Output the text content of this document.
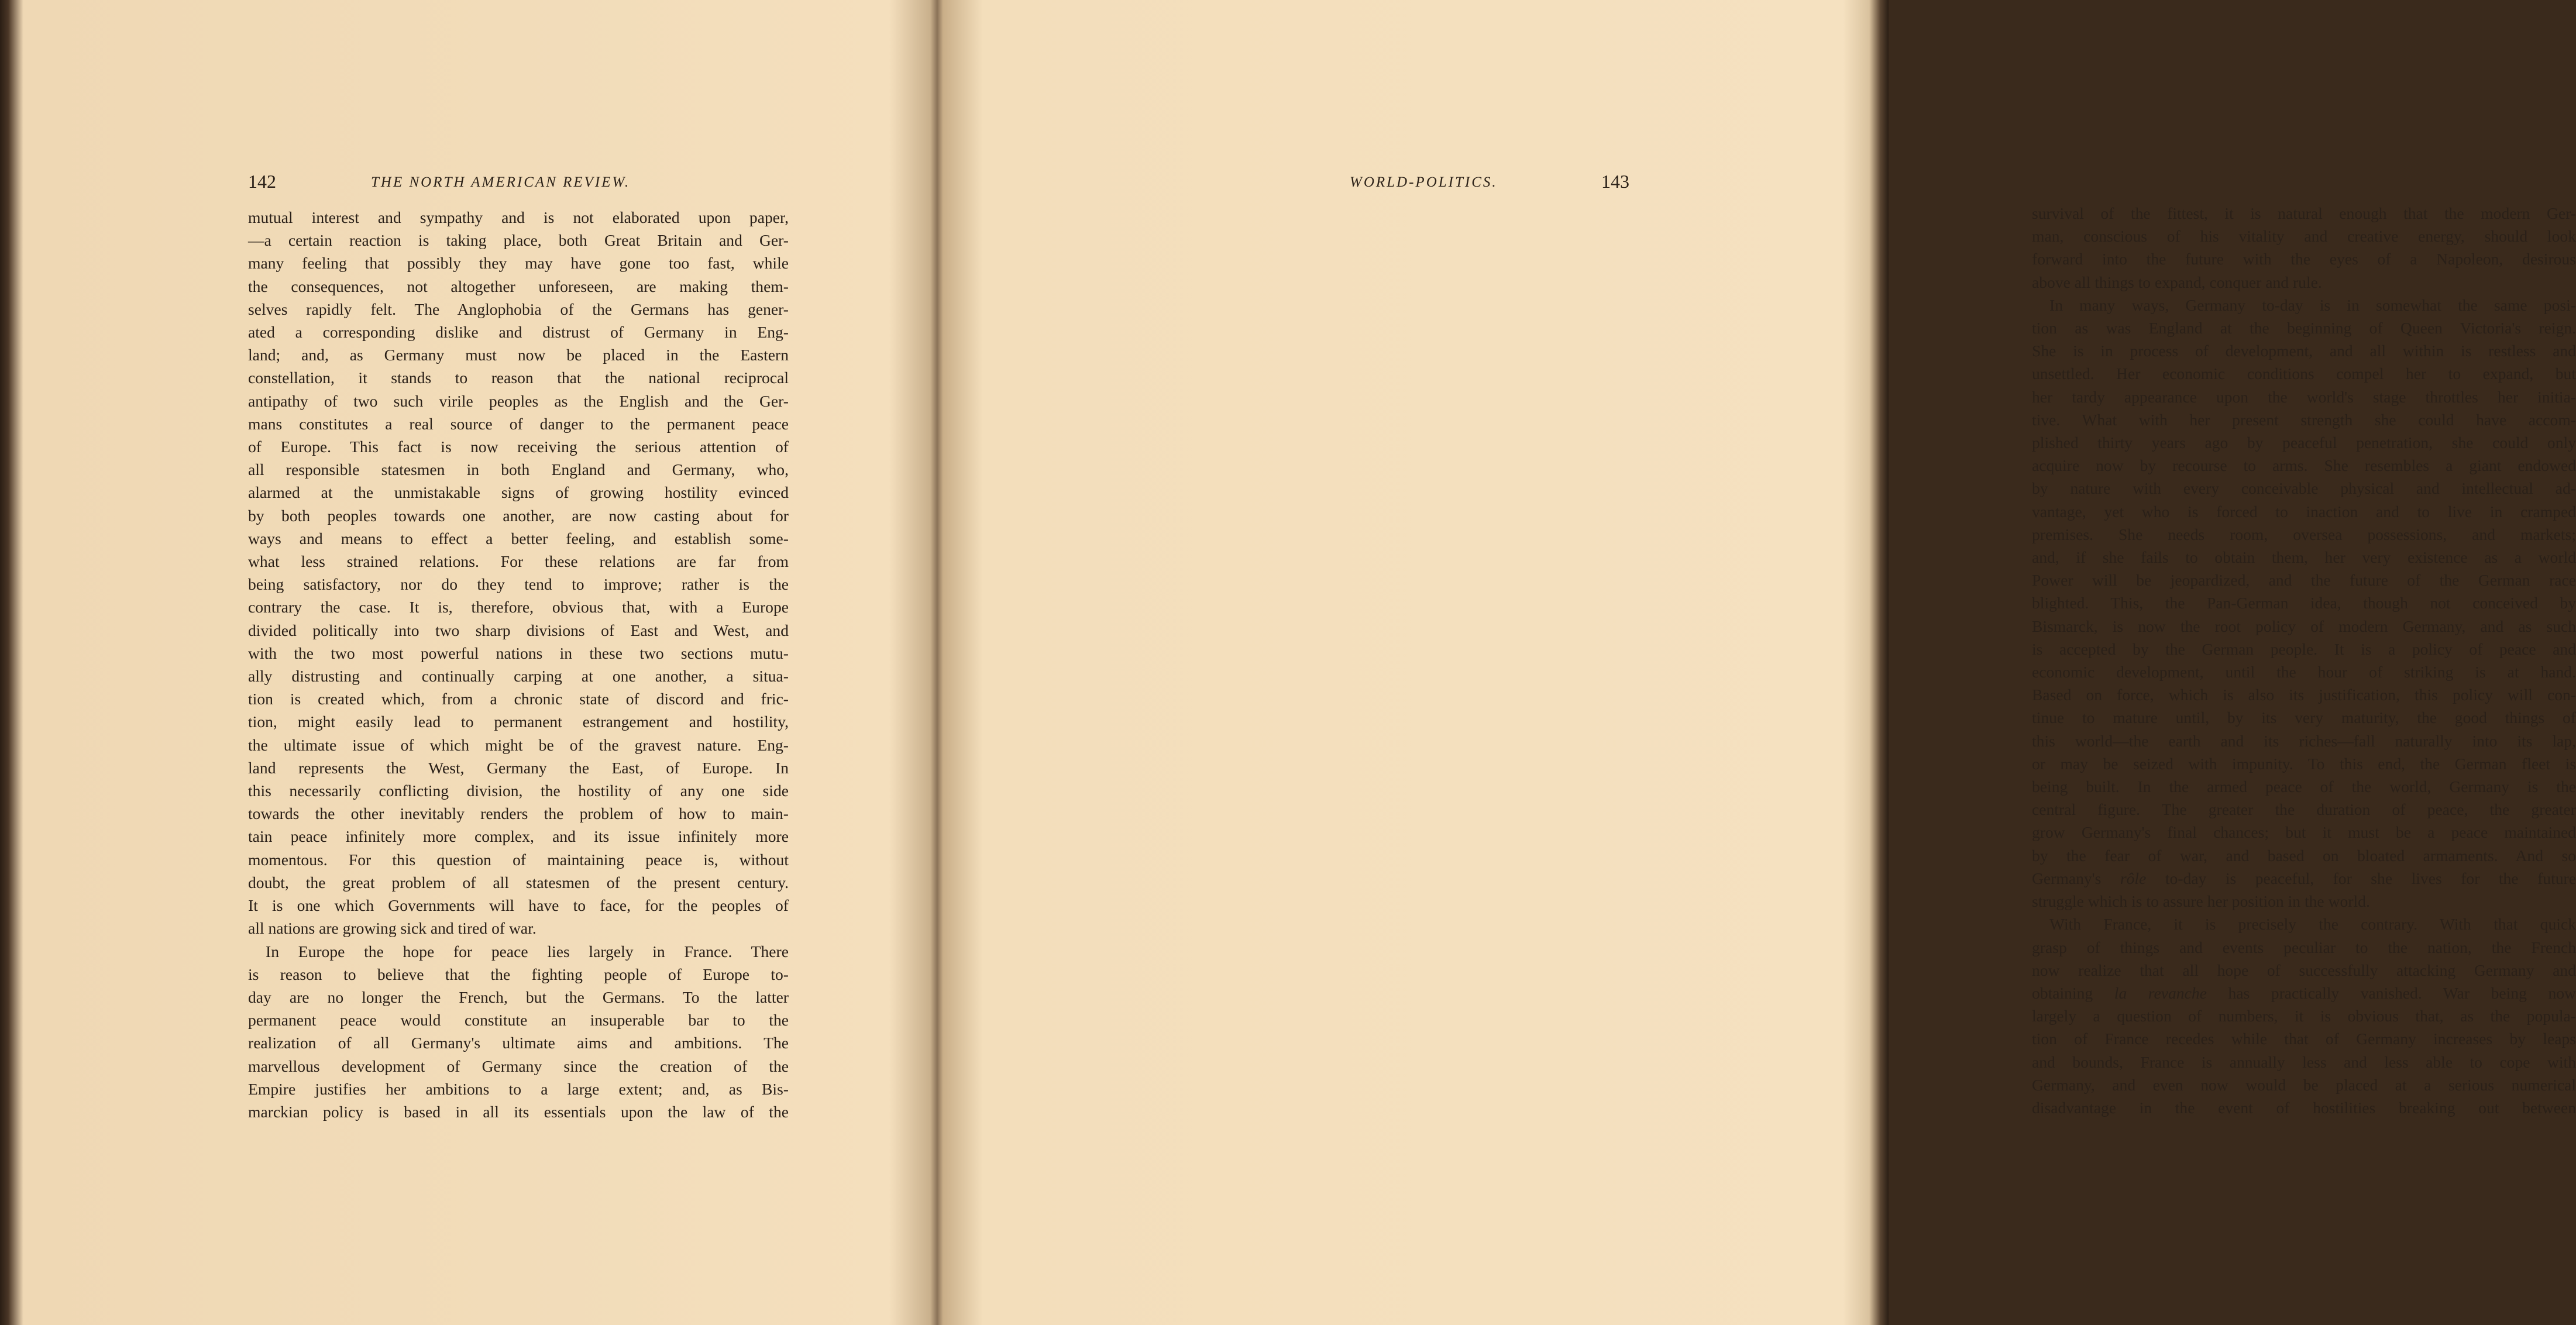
142	THE NORTH AMERICAN REVIEW.

mutual interest and sympathy and is not elaborated upon paper,

—a certain reaction is taking place, both Great Britain and Ger-

many feeling that possibly they may have gone too fast, while

the consequences, not altogether unforeseen, are making them-

selves rapidly felt. The Anglophobia of the Germans has gener-

ated a corresponding dislike and distrust of Germany in Eng-

land; and, as Germany must now be placed in the Eastern

constellation, it stands to reason that the national reciprocal

antipathy of two such virile peoples as the English and the Ger-

mans constitutes a real source of danger to the permanent peace

of Europe. This fact is now receiving the serious attention of

all responsible statesmen in both England and Germany, who,

alarmed at the unmistakable signs of growing hostility evinced

by both peoples towards one another, are now casting about for

ways and means to effect a better feeling, and establish some-

what less strained relations. For these relations are far from

being satisfactory, nor do they tend to improve; rather is the

contrary the case. It is, therefore, obvious that, with a Europe

divided politically into two sharp divisions of East and West, and

with the two most powerful nations in these two sections mutu-

ally distrusting and continually carping at one another, a situa-

tion is created which, from a chronic state of discord and fric-

tion, might easily lead to permanent estrangement and hostility,

the ultimate issue of which might be of the gravest nature. Eng-

land represents the West, Germany the East, of Europe. In

this necessarily conflicting division, the hostility of any one side

towards the other inevitably renders the problem of how to main-

tain peace infinitely more complex, and its issue infinitely more

momentous. For this question of maintaining peace is, without

doubt, the great problem of all statesmen of the present century.

It is one which Governments will have to face, for the peoples of

all nations are growing sick and tired of war.

In Europe the hope for peace lies largely in France. There

is reason to believe that the fighting people of Europe to-

day are no longer the French, but the Germans. To the latter

permanent peace would constitute an insuperable bar to the

realization of all Germany's ultimate aims and ambitions. The

marvellous development of Germany since the creation of the

Empire justifies her ambitions to a large extent; and, as Bis-

marckian policy is based in all its essentials upon the law of the

WORLD-POLITICS.	143

survival of the fittest, it is natural enough that the modern Ger-

man, conscious of his vitality and creative energy, should look

forward into the future with the eyes of a Napoleon, desirous

above all things to expand, conquer and rule.

In many ways, Germany to-day is in somewhat the same posi-

tion as was England at the beginning of Queen Victoria's reign.

She is in process of development, and all within is restless and

unsettled. Her economic conditions compel her to expand, but

her tardy appearance upon the world's stage throttles her initia-

tive. What with her present strength she could have accom-

plished thirty years ago by peaceful penetration, she could only

acquire now by recourse to arms. She resembles a giant endowed

by nature with every conceivable physical and intellectual ad-

vantage, yet who is forced to inaction and to live in cramped

premises. She needs room, oversea possessions, and markets;

and, if she fails to obtain them, her very existence as a world

Power will be jeopardized, and the future of the German race

blighted. This, the Pan-German idea, though not conceived by

Bismarck, is now the root policy of modern Germany, and as such

is accepted by the German people. It is a policy of peace and

economic development, until the hour of striking is at hand.

Based on force, which is also its justification, this policy will con-

tinue to mature until, by its very maturity, the good things of

this world—the earth and its riches—fall naturally into its lap,

or may be seized with impunity. To this end, the German fleet is

being built. In the armed peace of the world, Germany is the

central figure. The greater the duration of peace, the greater

grow Germany's final chances; but it must be a peace maintained

by the fear of war, and based on bloated armaments. And so

Germany's rôle to-day is peaceful, for she lives for the future

struggle which is to assure her position in the world.

With France, it is precisely the contrary. With that quick

grasp of things and events peculiar to the nation, the French

now realize that all hope of successfully attacking Germany and

obtaining la revanche has practically vanished. War being now

largely a question of numbers, it is obvious that, as the popula-

tion of France recedes while that of Germany increases by leaps

and bounds, France is annually less and less able to cope with

Germany, and even now would be placed at a serious numerical

disadvantage in the event of hostilities breaking out between
